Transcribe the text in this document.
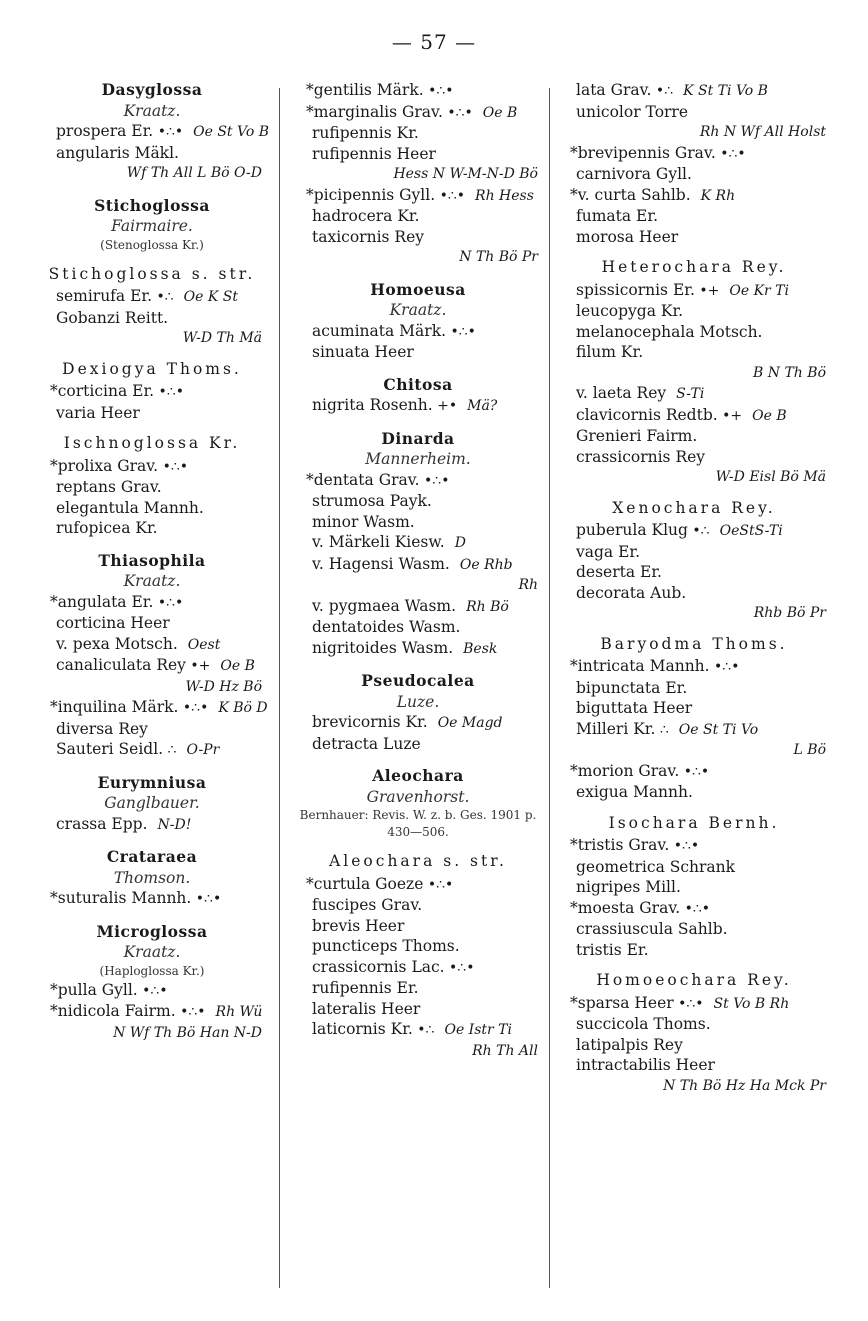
— 57 —
Dasyglossa
Kraatz.
prospera Er. •∴• Oe St Vo B
angularis Mäkl.
Wf Th All L Bö O-D
Stichoglossa
Fairmaire.
(Stenoglossa Kr.)
Stichoglossa s. str.
semirufa Er. •∴ Oe K St
Gobanzi Reitt.
W-D Th Mä
Dexiogya Thoms.
*corticina Er. •∴•
varia Heer
Ischnoglossa Kr.
*prolixa Grav. •∴•
reptans Grav.
elegantula Mannh.
rufopicea Kr.
Thiasophila
Kraatz.
*angulata Er. •∴•
corticina Heer
v. pexa Motsch. Oest
canaliculata Rey •+ Oe B
W-D Hz Bö
*inquilina Märk. •∴• K Bö D
diversa Rey
Sauteri Seidl. ∴ O-Pr
Eurymniusa
Ganglbauer.
crassa Epp. N-D!
Crataraea
Thomson.
*suturalis Mannh. •∴•
Microglossa
Kraatz.
(Haploglossa Kr.)
*pulla Gyll. •∴•
*nidicola Fairm. •∴• Rh Wü
N Wf Th Bö Han N-D
*gentilis Märk. •∴•
*marginalis Grav. •∴• Oe B
rufipennis Kr.
rufipennis Heer
Hess N W-M-N-D Bö
*picipennis Gyll. •∴• Rh Hess
hadrocera Kr.
taxicornis Rey
N Th Bö Pr
Homoeusa
Kraatz.
acuminata Märk. •∴•
sinuata Heer
Chitosa
nigrita Rosenh. +• Mä?
Dinarda
Mannerheim.
*dentata Grav. •∴•
strumosa Payk.
minor Wasm.
v. Märkeli Kiesw. D
v. Hagensi Wasm. Oe Rhb
Rh
v. pygmaea Wasm. Rh Bö
dentatoides Wasm.
nigritoides Wasm. Besk
Pseudocalea
Luze.
brevicornis Kr. Oe Magd
detracta Luze
Aleochara
Gravenhorst.
Bernhauer: Revis. W. z. b. Ges. 1901 p. 430—506.
Aleochara s. str.
*curtula Goeze •∴•
fuscipes Grav.
brevis Heer
puncticeps Thoms.
crassicornis Lac. •∴•
rufipennis Er.
lateralis Heer
laticornis Kr. •∴ Oe Istr Ti
Rh Th All
lata Grav. •∴ K St Ti Vo B
unicolor Torre
Rh N Wf All Holst
*brevipennis Grav. •∴•
carnivora Gyll.
*v. curta Sahlb. K Rh
fumata Er.
morosa Heer
Heterochara Rey.
spissicornis Er. •+ Oe Kr Ti
leucopyga Kr.
melanocephala Motsch.
filum Kr.
B N Th Bö
v. laeta Rey S-Ti
clavicornis Redtb. •+ Oe B
Grenieri Fairm.
crassicornis Rey
W-D Eisl Bö Mä
Xenochara Rey.
puberula Klug •∴ OeStS-Ti
vaga Er.
deserta Er.
decorata Aub.
Rhb Bö Pr
Baryodma Thoms.
*intricata Mannh. •∴•
bipunctata Er.
biguttata Heer
Milleri Kr. ∴ Oe St Ti Vo
L Bö
*morion Grav. •∴•
exigua Mannh.
Isochara Bernh.
*tristis Grav. •∴•
geometrica Schrank
nigripes Mill.
*moesta Grav. •∴•
crassiuscula Sahlb.
tristis Er.
Homoeochara Rey.
*sparsa Heer •∴• St Vo B Rh
succicola Thoms.
latipalpis Rey
intractabilis Heer
N Th Bö Hz Ha Mck Pr
